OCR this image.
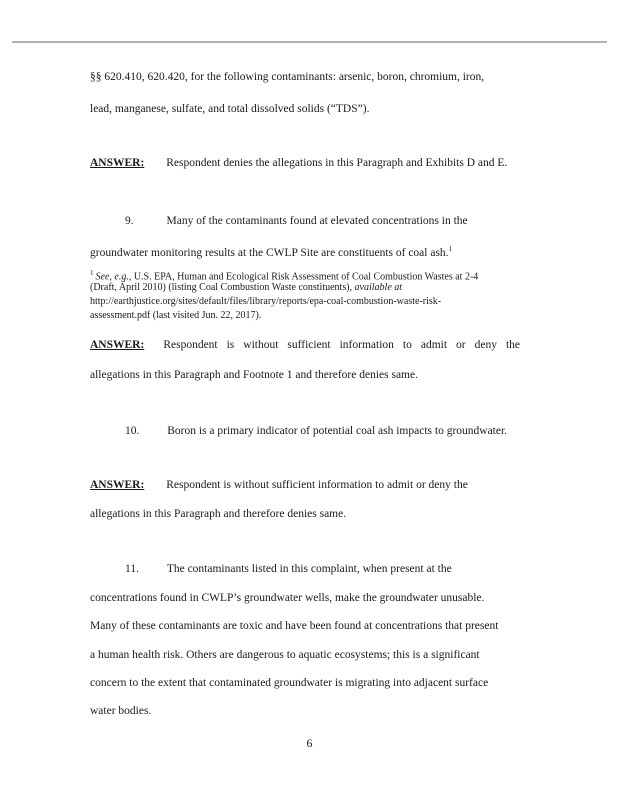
§§ 620.410, 620.420, for the following contaminants: arsenic, boron, chromium, iron,
lead, manganese, sulfate, and total dissolved solids (“TDS”).
ANSWER: Respondent denies the allegations in this Paragraph and Exhibits D and E.
9.	Many of the contaminants found at elevated concentrations in the
groundwater monitoring results at the CWLP Site are constituents of coal ash.$^1$
$^1$ See, e.g., U.S. EPA, Human and Ecological Risk Assessment of Coal Combustion Wastes at 2-4
(Draft, April 2010) (listing Coal Combustion Waste constituents), available at
http://earthjustice.org/sites/default/files/library/reports/epa-coal-combustion-waste-risk-
assessment.pdf (last visited Jun. 22, 2017).
ANSWER: Respondent is without sufficient information to admit or deny the
allegations in this Paragraph and Footnote 1 and therefore denies same.
10. Boron is a primary indicator of potential coal ash impacts to groundwater.
ANSWER: Respondent is without sufficient information to admit or deny the
allegations in this Paragraph and therefore denies same.
11. The contaminants listed in this complaint, when present at the
concentrations found in CWLP’s groundwater wells, make the groundwater unusable.
Many of these contaminants are toxic and have been found at concentrations that present
a human health risk. Others are dangerous to aquatic ecosystems; this is a significant
concern to the extent that contaminated groundwater is migrating into adjacent surface
water bodies.
6
